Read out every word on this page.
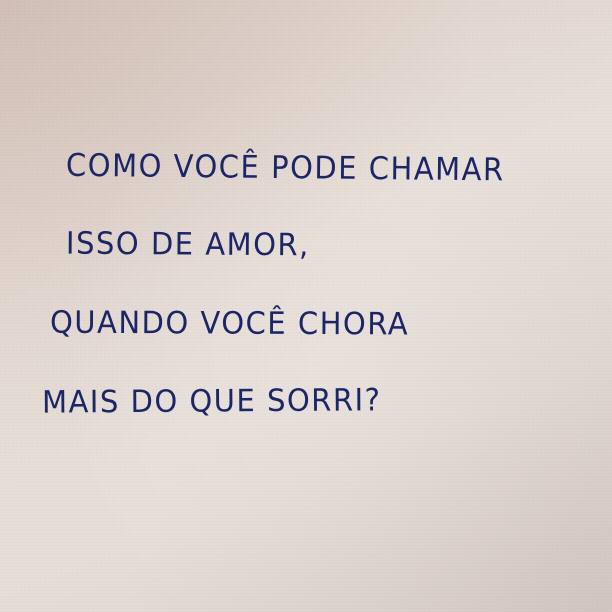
COMO VOCÊ PODE CHAMAR
ISSO DE AMOR,
QUANDO VOCÊ CHORA
MAIS DO QUE SORRI?
